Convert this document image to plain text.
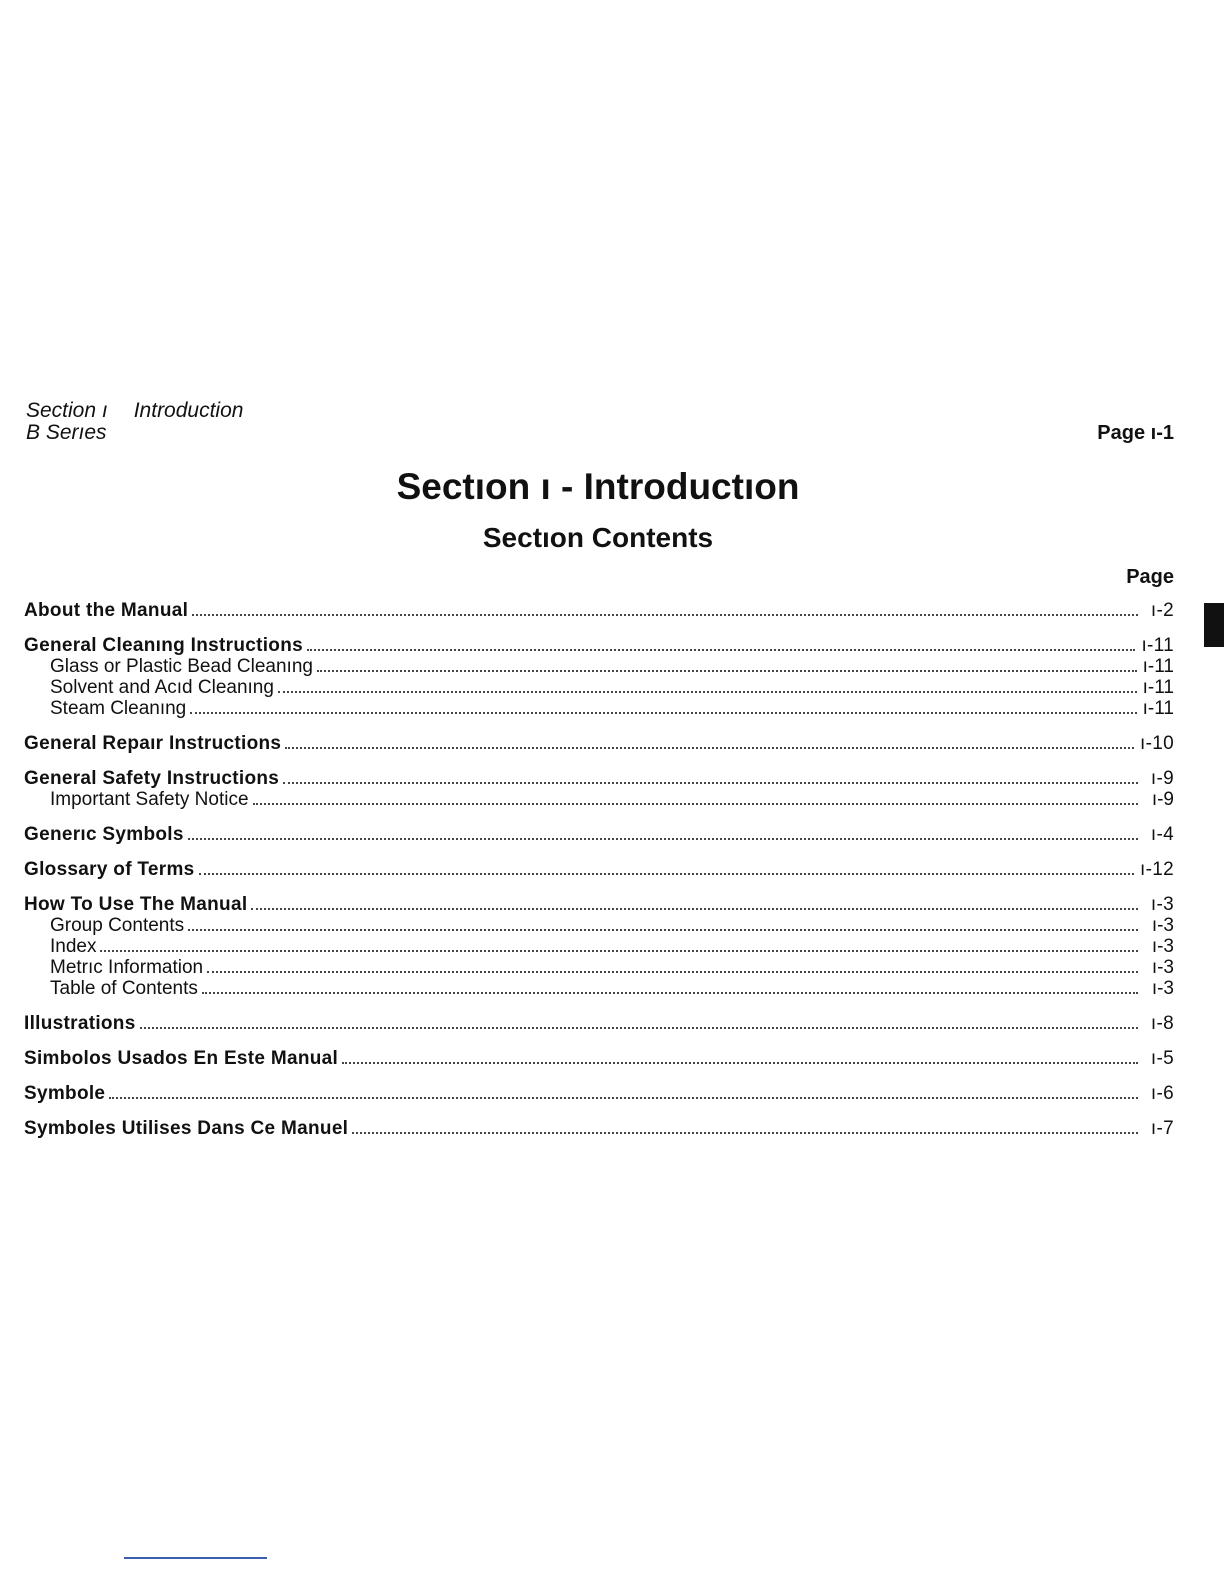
Section ı Introduction
B Serıes	Page ı-1
Sectıon ı - Introductıon
Sectıon Contents
Page
About the Manual	ı-2
General Cleanıng Instructions	ı-11
Glass or Plastic Bead Cleanıng	ı-11
Solvent and Acıd Cleanıng	ı-11
Steam Cleanıng	ı-11
General Repaır Instructions	ı-10
General Safety Instructions	ı-9
Important Safety Notice	ı-9
Generıc Symbols	ı-4
Glossary of Terms	ı-12
How To Use The Manual	ı-3
Group Contents	ı-3
Index	ı-3
Metrıc Information	ı-3
Table of Contents	ı-3
Illustrations	ı-8
Simbolos Usados En Este Manual	ı-5
Symbole	ı-6
Symboles Utilises Dans Ce Manuel	ı-7
